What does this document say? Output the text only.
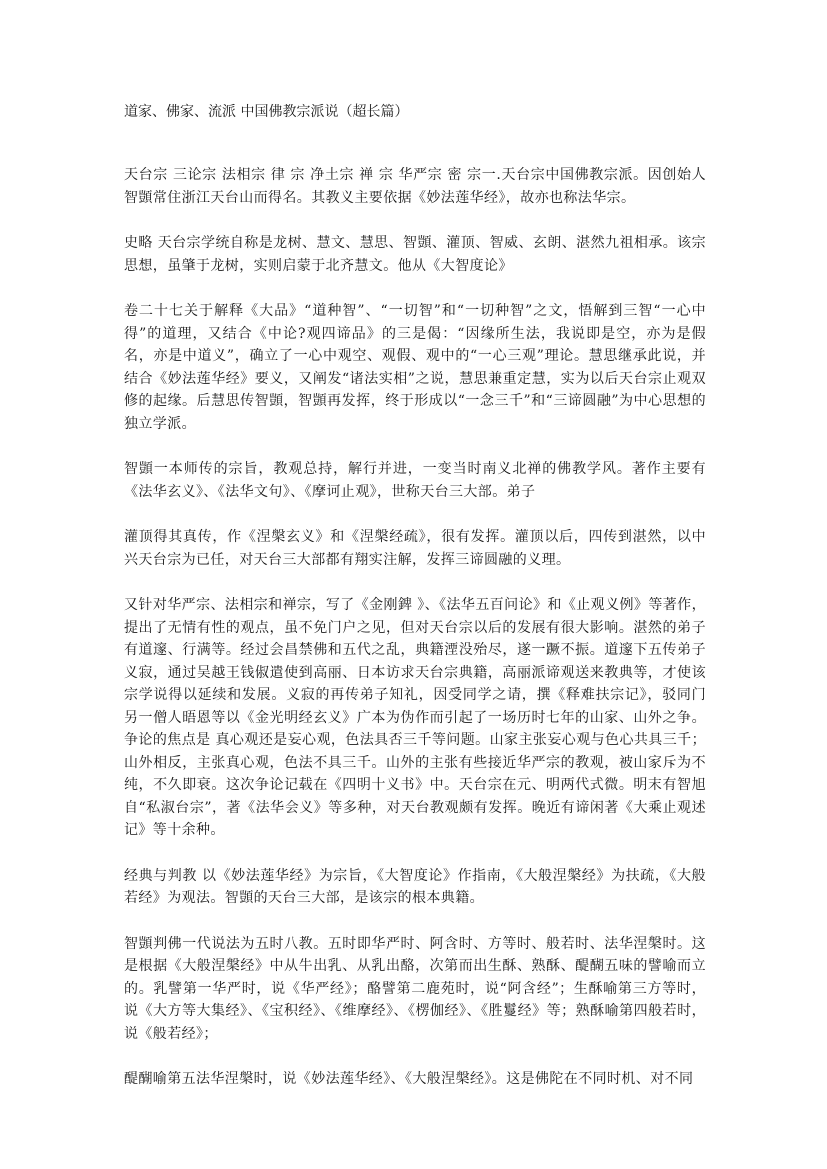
道家、佛家、流派 中国佛教宗派说（超长篇）

天台宗 三论宗 法相宗 律 宗 净土宗 禅 宗 华严宗 密 宗一.天台宗中国佛教宗派。因创始人智顗常住浙江天台山而得名。其教义主要依据《妙法莲华经》，故亦也称法华宗。

史略 天台宗学统自称是龙树、慧文、慧思、智顗、灌顶、智威、玄朗、湛然九祖相承。该宗思想，虽肇于龙树，实则启蒙于北齐慧文。他从《大智度论》

卷二十七关于解释《大品》“道种智”、“一切智”和“一切种智”之文，悟解到三智“一心中得”的道理，又结合《中论?观四谛品》的三是偈：“因缘所生法，我说即是空，亦为是假名，亦是中道义”，确立了一心中观空、观假、观中的“一心三观”理论。慧思继承此说，并结合《妙法莲华经》要义，又阐发“诸法实相”之说，慧思兼重定慧，实为以后天台宗止观双修的起缘。后慧思传智顗，智顗再发挥，终于形成以“一念三千”和“三谛圆融”为中心思想的独立学派。

智顗一本师传的宗旨，教观总持，解行并进，一变当时南义北禅的佛教学风。著作主要有《法华玄义》、《法华文句》、《摩诃止观》，世称天台三大部。弟子

灌顶得其真传，作《涅槃玄义》和《涅槃经疏》，很有发挥。灌顶以后，四传到湛然，以中兴天台宗为已任，对天台三大部都有翔实注解，发挥三谛圆融的义理。

又针对华严宗、法相宗和禅宗，写了《金刚錍 》、《法华五百问论》和《止观义例》等著作，提出了无情有性的观点，虽不免门户之见，但对天台宗以后的发展有很大影响。湛然的弟子有道邃、行满等。经过会昌禁佛和五代之乱，典籍湮没殆尽，遂一蹶不振。道邃下五传弟子义寂，通过吴越王钱俶遣使到高丽、日本访求天台宗典籍，高丽派谛观送来教典等，才使该宗学说得以延续和发展。义寂的再传弟子知礼，因受同学之请，撰《释难扶宗记》，驳同门另一僧人晤恩等以《金光明经玄义》广本为伪作而引起了一场历时七年的山家、山外之争。争论的焦点是 真心观还是妄心观，色法具否三千等问题。山家主张妄心观与色心共具三千；山外相反，主张真心观，色法不具三千。山外的主张有些接近华严宗的教观，被山家斥为不纯，不久即衰。这次争论记载在《四明十义书》中。天台宗在元、明两代式微。明末有智旭自“私淑台宗”，著《法华会义》等多种，对天台教观颇有发挥。晚近有谛闲著《大乘止观述记》等十余种。

经典与判教 以《妙法莲华经》为宗旨，《大智度论》作指南，《大般涅槃经》为扶疏，《大般若经》为观法。智顗的天台三大部，是该宗的根本典籍。

智顗判佛一代说法为五时八教。五时即华严时、阿含时、方等时、般若时、法华涅槃时。这是根据《大般涅槃经》中从牛出乳、从乳出酪，次第而出生酥、熟酥、醍醐五味的譬喻而立的。乳譬第一华严时，说《华严经》；酪譬第二鹿苑时，说“阿含经”；生酥喻第三方等时，说《大方等大集经》、《宝积经》、《维摩经》、《楞伽经》、《胜鬘经》等；熟酥喻第四般若时，说《般若经》；

醍醐喻第五法华涅槃时，说《妙法莲华经》、《大般涅槃经》。这是佛陀在不同时机、对不同
